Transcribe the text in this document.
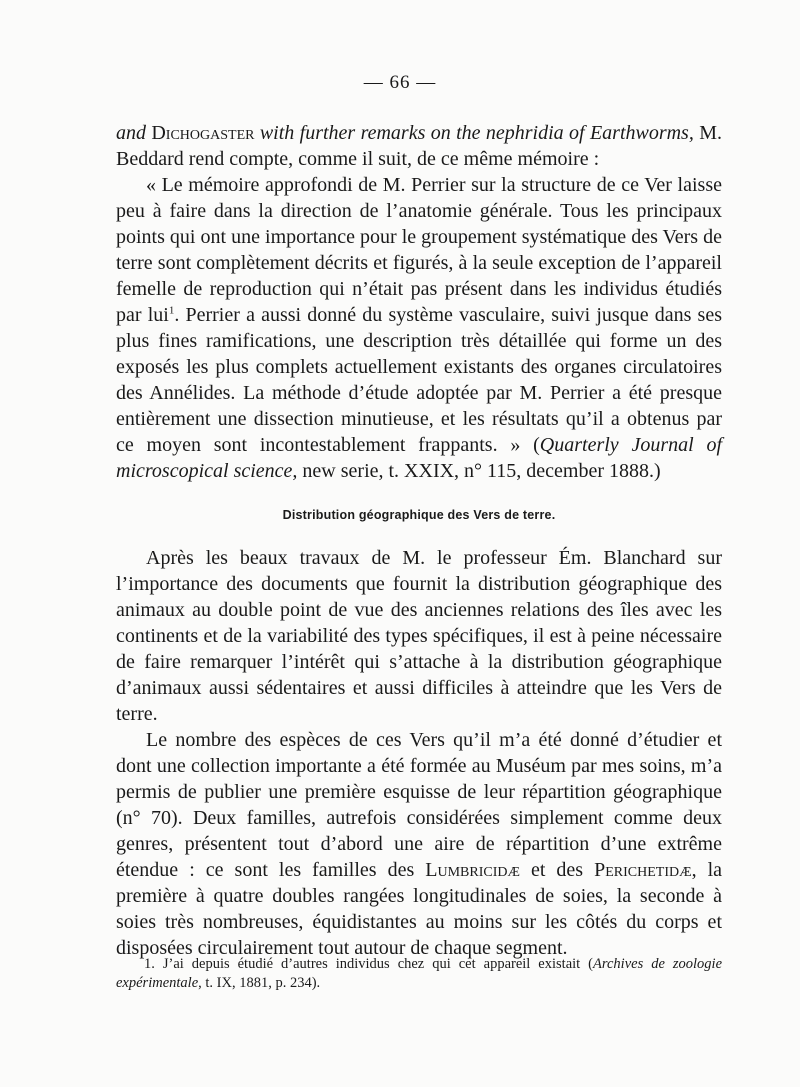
— 66 —

and Dichogaster with further remarks on the nephridia of Earthworms, M. Beddard rend compte, comme il suit, de ce même mémoire :

« Le mémoire approfondi de M. Perrier sur la structure de ce Ver laisse peu à faire dans la direction de l’anatomie générale. Tous les principaux points qui ont une importance pour le groupement systématique des Vers de terre sont complètement décrits et figurés, à la seule exception de l’appareil femelle de reproduction qui n’était pas présent dans les individus étudiés par lui$^1$. Perrier a aussi donné du système vasculaire, suivi jusque dans ses plus fines ramifications, une description très détaillée qui forme un des exposés les plus complets actuellement existants des organes circulatoires des Annélides. La méthode d’étude adoptée par M. Perrier a été presque entièrement une dissection minutieuse, et les résultats qu’il a obtenus par ce moyen sont incontestablement frappants. » (Quarterly Journal of microscopical science, new serie, t. XXIX, n° 115, december 1888.)

Distribution géographique des Vers de terre.

Après les beaux travaux de M. le professeur Ém. Blanchard sur l’importance des documents que fournit la distribution géographique des animaux au double point de vue des anciennes relations des îles avec les continents et de la variabilité des types spécifiques, il est à peine nécessaire de faire remarquer l’intérêt qui s’attache à la distribution géographique d’animaux aussi sédentaires et aussi difficiles à atteindre que les Vers de terre.

Le nombre des espèces de ces Vers qu’il m’a été donné d’étudier et dont une collection importante a été formée au Muséum par mes soins, m’a permis de publier une première esquisse de leur répartition géographique (n° 70). Deux familles, autrefois considérées simplement comme deux genres, présentent tout d’abord une aire de répartition d’une extrême étendue : ce sont les familles des Lumbricidæ et des Perichetidæ, la première à quatre doubles rangées longitudinales de soies, la seconde à soies très nombreuses, équidistantes au moins sur les côtés du corps et disposées circulairement tout autour de chaque segment.

1. J’ai depuis étudié d’autres individus chez qui cet appareil existait (Archives de zoologie expérimentale, t. IX, 1881, p. 234).
